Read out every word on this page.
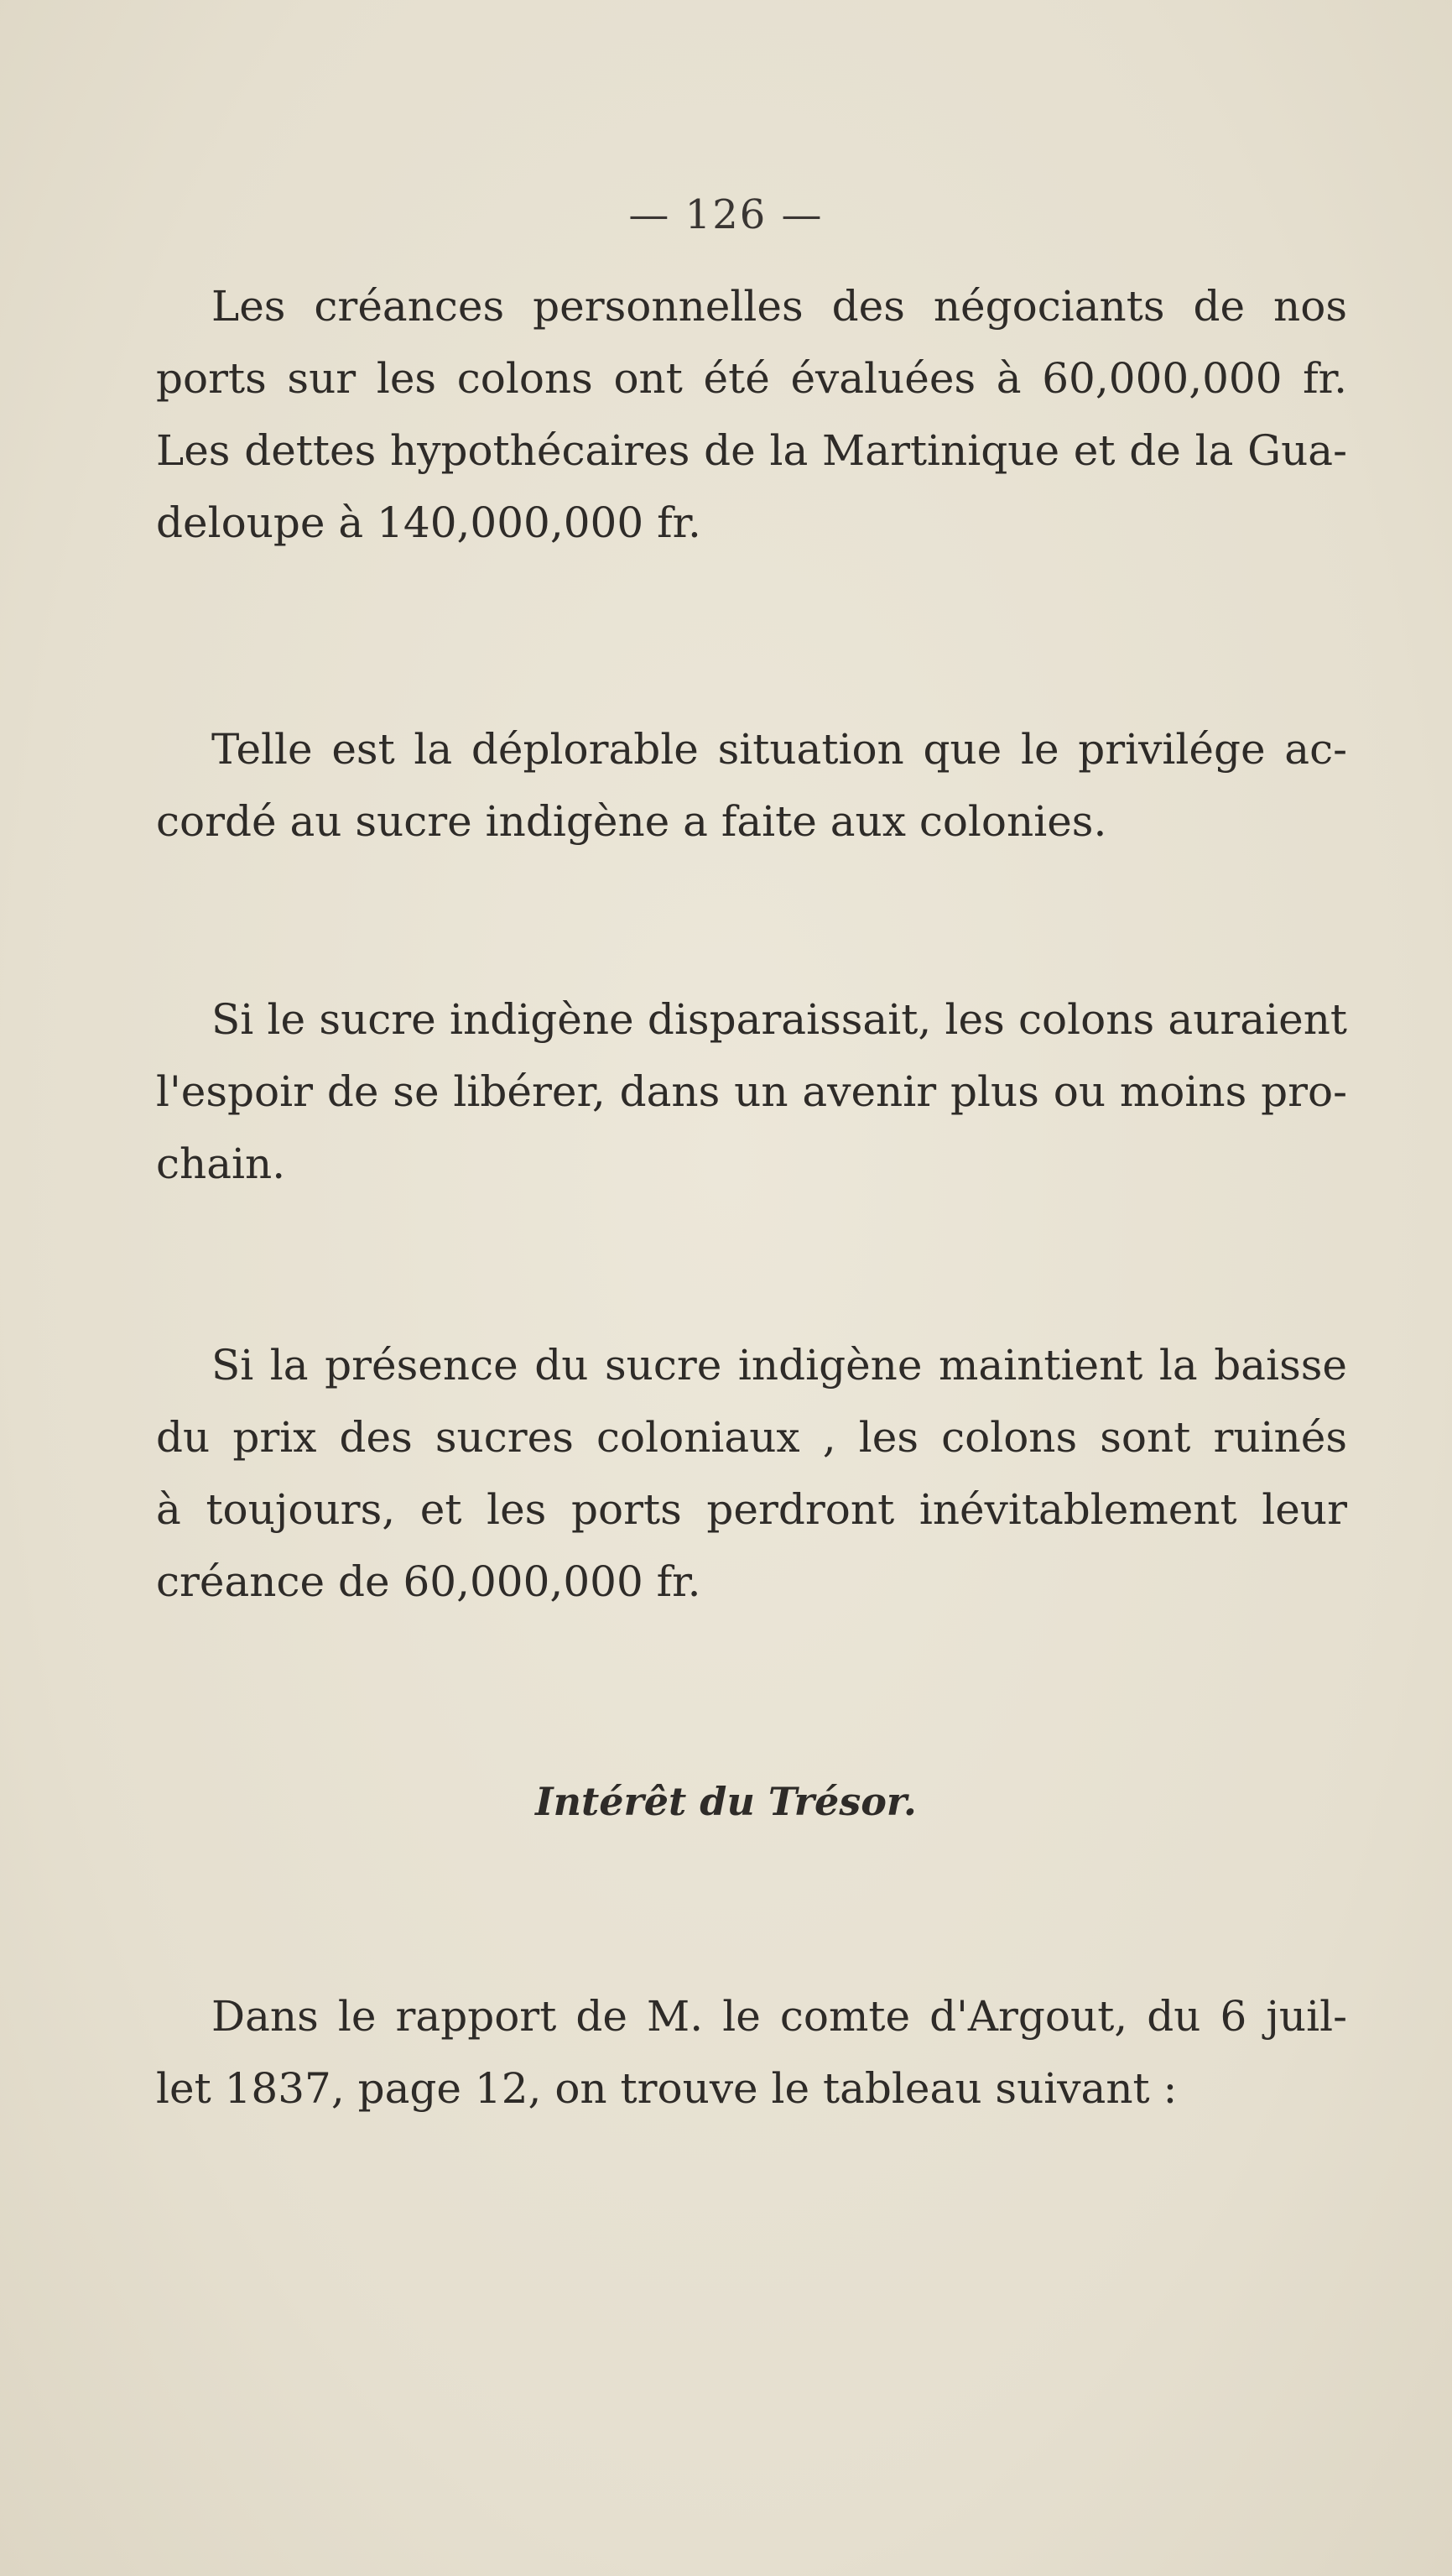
— 126 —

Les créances personnelles des négociants de nos
ports sur les colons ont été évaluées à 60,000,000 fr.
Les dettes hypothécaires de la Martinique et de la Gua-
deloupe à 140,000,000 fr.

Telle est la déplorable situation que le privilége ac-
cordé au sucre indigène a faite aux colonies.

Si le sucre indigène disparaissait, les colons auraient
l'espoir de se libérer, dans un avenir plus ou moins pro-
chain.

Si la présence du sucre indigène maintient la baisse
du prix des sucres coloniaux , les colons sont ruinés
à toujours, et les ports perdront inévitablement leur
créance de 60,000,000 fr.

Intérêt du Trésor.

Dans le rapport de M. le comte d'Argout, du 6 juil-
let 1837, page 12, on trouve le tableau suivant :
